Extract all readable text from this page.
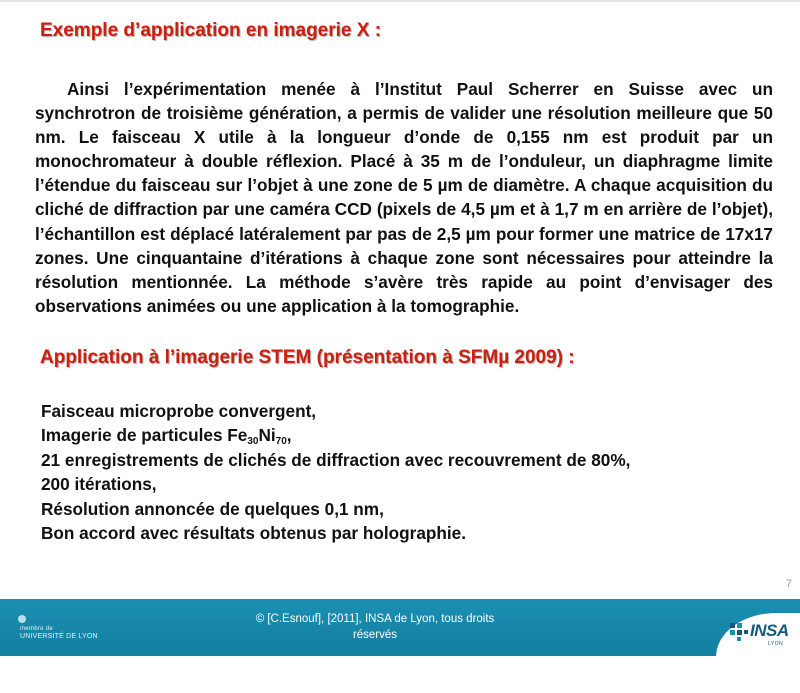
Exemple d’application en imagerie X :

Ainsi l’expérimentation menée à l’Institut Paul Scherrer en Suisse avec un synchrotron de troisième génération, a permis de valider une résolution meilleure que 50 nm. Le faisceau X utile à la longueur d’onde de 0,155 nm est produit par un monochromateur à double réflexion. Placé à 35 m de l’onduleur, un diaphragme limite l’étendue du faisceau sur l’objet à une zone de 5 µm de diamètre. A chaque acquisition du cliché de diffraction par une caméra CCD (pixels de 4,5 µm et à 1,7 m en arrière de l’objet), l’échantillon est déplacé latéralement par pas de 2,5 µm pour former une matrice de 17x17 zones. Une cinquantaine d’itérations à chaque zone sont nécessaires pour atteindre la résolution mentionnée. La méthode s’avère très rapide au point d’envisager des observations animées ou une application à la tomographie.

Application à l’imagerie STEM (présentation à SFMµ 2009) :
Faisceau microprobe convergent,
Imagerie de particules $Fe_{30}Ni_{70}$,
21 enregistrements de clichés de diffraction avec recouvrement de 80%,
200 itérations,
Résolution annoncée de quelques 0,1 nm,
Bon accord avec résultats obtenus par holographie.
7
membre de
UNIVERSITÉ DE LYON
© [C.Esnouf], [2011], INSA de Lyon, tous droits
réservés	INSA
LYON
